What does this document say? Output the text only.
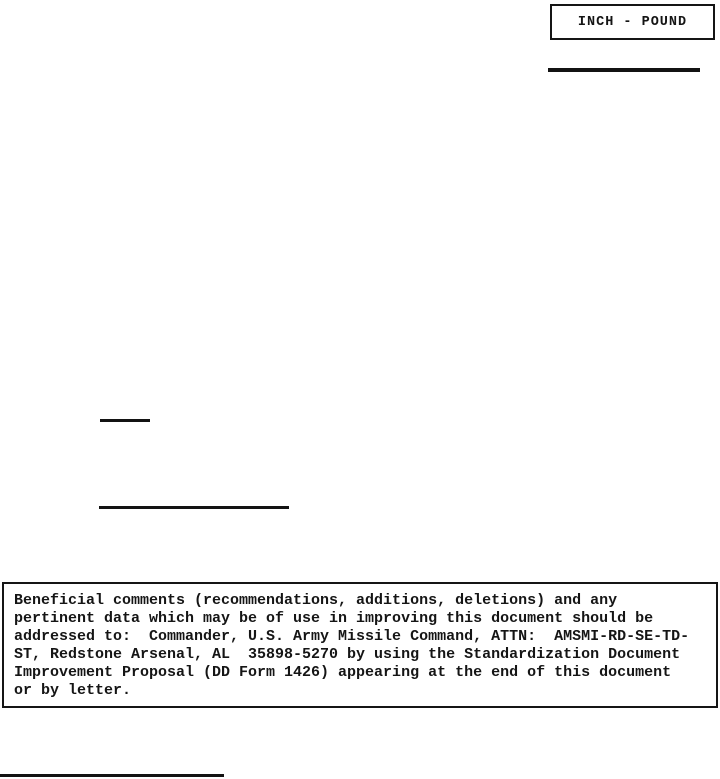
INCH - POUND
Beneficial comments (recommendations, additions, deletions) and any
pertinent data which may be of use in improving this document should be
addressed to:  Commander, U.S. Army Missile Command, ATTN:  AMSMI-RD-SE-TD-
ST, Redstone Arsenal, AL  35898-5270 by using the Standardization Document
Improvement Proposal (DD Form 1426) appearing at the end of this document
or by letter.
